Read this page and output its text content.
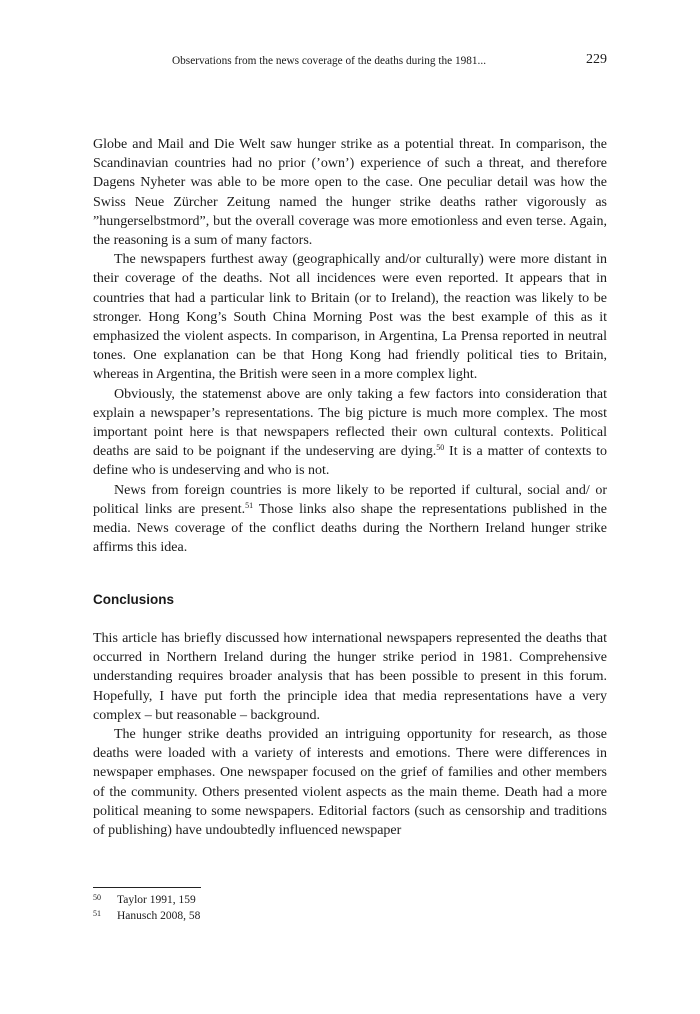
Observations from the news coverage of the deaths during the 1981...	229

Globe and Mail and Die Welt saw hunger strike as a potential threat. In comparison, the Scandinavian countries had no prior (’own’) experience of such a threat, and therefore Dagens Nyheter was able to be more open to the case. One peculiar detail was how the Swiss Neue Zürcher Zeitung named the hunger strike deaths rather vigorously as ”hungerselbstmord”, but the overall coverage was more emotionless and even terse. Again, the reasoning is a sum of many factors.

The newspapers furthest away (geographically and/or culturally) were more distant in their coverage of the deaths. Not all incidences were even reported. It appears that in countries that had a particular link to Britain (or to Ireland), the reaction was likely to be stronger. Hong Kong’s South China Morning Post was the best example of this as it emphasized the violent aspects. In comparison, in Argentina, La Prensa reported in neutral tones. One explanation can be that Hong Kong had friendly political ties to Britain, whereas in Argentina, the British were seen in a more complex light.

Obviously, the statemenst above are only taking a few factors into consideration that explain a newspaper’s representations. The big picture is much more complex. The most important point here is that newspapers reflected their own cultural contexts. Political deaths are said to be poignant if the undeserving are dying.$^{50}$ It is a matter of contexts to define who is undeserving and who is not.

News from foreign countries is more likely to be reported if cultural, social and/ or political links are present.$^{51}$ Those links also shape the representations published in the media. News coverage of the conflict deaths during the Northern Ireland hunger strike affirms this idea.

Conclusions

This article has briefly discussed how international newspapers represented the deaths that occurred in Northern Ireland during the hunger strike period in 1981. Comprehensive understanding requires broader analysis that has been possible to present in this forum. Hopefully, I have put forth the principle idea that media representations have a very complex – but reasonable – background.

The hunger strike deaths provided an intriguing opportunity for research, as those deaths were loaded with a variety of interests and emotions. There were differences in newspaper emphases. One newspaper focused on the grief of families and other members of the community. Others presented violent aspects as the main theme. Death had a more political meaning to some newspapers. Editorial factors (such as censorship and traditions of publishing) have undoubtedly influenced newspaper

50	Taylor 1991, 159
51	Hanusch 2008, 58
